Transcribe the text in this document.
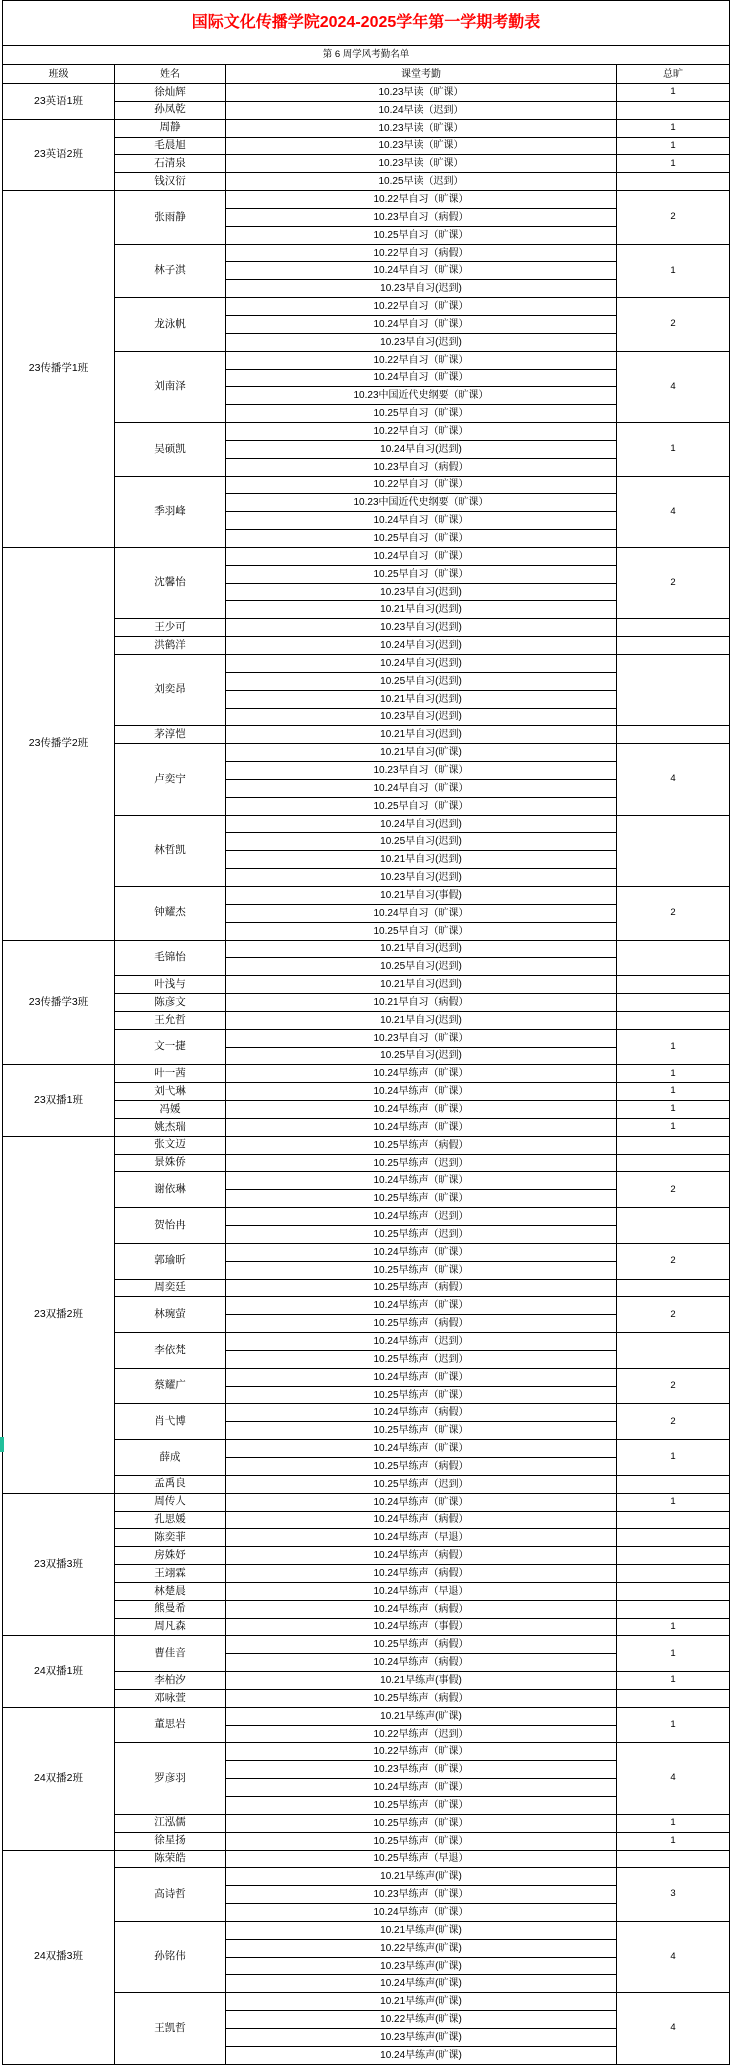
国际文化传播学院2024-2025学年第一学期考勤表			
第 6 周学风考勤名单			
班级	姓名	课堂考勤	总旷
23英语1班	徐灿辉	10.23早读（旷课）	1
	孙凤乾	10.24早读（迟到）	
23英语2班	周静	10.23早读（旷课）	1
	毛晨旭	10.23早读（旷课）	1
	石清泉	10.23早读（旷课）	1
	钱汉衍	10.25早读（迟到）	
23传播学1班	张雨静	10.22早自习（旷课）	2
		10.23早自习（病假）	
		10.25早自习（旷课）	
	林子淇	10.22早自习（病假）	1
		10.24早自习（旷课）	
		10.23早自习(迟到)	
	龙泳帆	10.22早自习（旷课）	2
		10.24早自习（旷课）	
		10.23早自习(迟到)	
	刘南泽	10.22早自习（旷课）	4
		10.24早自习（旷课）	
		10.23中国近代史纲要（旷课）	
		10.25早自习（旷课）	
	吴硕凯	10.22早自习（旷课）	1
		10.24早自习(迟到)	
		10.23早自习（病假）	
	季羽峰	10.22早自习（旷课）	4
		10.23中国近代史纲要（旷课）	
		10.24早自习（旷课）	
		10.25早自习（旷课）	
23传播学2班	沈馨怡	10.24早自习（旷课）	2
		10.25早自习（旷课）	
		10.23早自习(迟到)	
		10.21早自习(迟到)	
	王少可	10.23早自习(迟到)	
	洪鹤洋	10.24早自习(迟到)	
	刘奕昂	10.24早自习(迟到)	
		10.25早自习(迟到)	
		10.21早自习(迟到)	
		10.23早自习(迟到)	
	茅淳恺	10.21早自习(迟到)	
	卢奕宁	10.21早自习(旷课)	4
		10.23早自习（旷课）	
		10.24早自习（旷课）	
		10.25早自习（旷课）	
	林哲凯	10.24早自习(迟到)	
		10.25早自习(迟到)	
		10.21早自习(迟到)	
		10.23早自习(迟到)	
	钟耀杰	10.21早自习(事假)	2
		10.24早自习（旷课）	
		10.25早自习（旷课）	
23传播学3班	毛锦怡	10.21早自习(迟到)	
		10.25早自习(迟到)	
	叶浅与	10.21早自习(迟到)	
	陈彦文	10.21早自习（病假）	
	王允哲	10.21早自习(迟到)	
	文一捷	10.23早自习（旷课）	1
		10.25早自习(迟到)	
23双播1班	叶一茜	10.24早练声（旷课）	1
	刘弋琳	10.24早练声（旷课）	1
	冯媛	10.24早练声（旷课）	1
	姚杰瑞	10.24早练声（旷课）	1
23双播2班	张文迈	10.25早练声（病假）	
	景姝侨	10.25早练声（迟到）	
	谢依琳	10.24早练声（旷课）	2
		10.25早练声（旷课）	
	贺怡冉	10.24早练声（迟到）	
		10.25早练声（迟到）	
	郭瑜昕	10.24早练声（旷课）	2
		10.25早练声（旷课）	
	周奕廷	10.25早练声（病假）	
	林琬萤	10.24早练声（旷课）	2
		10.25早练声（病假）	
	李依梵	10.24早练声（迟到）	
		10.25早练声（迟到）	
	蔡耀广	10.24早练声（旷课）	2
		10.25早练声（旷课）	
	肖弋博	10.24早练声（病假）	2
		10.25早练声（旷课）	
	薛成	10.24早练声（旷课）	1
		10.25早练声（病假）	
	孟禹良	10.25早练声（迟到）	
23双播3班	周传人	10.24早练声（旷课）	1
	孔思媛	10.24早练声（病假）	
	陈奕菲	10.24早练声（早退）	
	房姝妤	10.24早练声（病假）	
	王翊霖	10.24早练声（病假）	
	林楚晨	10.24早练声（早退）	
	熊曼希	10.24早练声（病假）	
	周凡森	10.24早练声（事假）	1
24双播1班	曹佳音	10.25早练声（病假）	1
		10.24早练声（病假）	
	李柏汐	10.21早练声(事假)	1
	邓咏萱	10.25早练声（病假）	
24双播2班	董思岩	10.21早练声(旷课)	1
		10.22早练声（迟到）	
	罗彦羽	10.22早练声（旷课）	4
		10.23早练声（旷课）	
		10.24早练声（旷课）	
		10.25早练声（旷课）	
	江泓儒	10.25早练声（旷课）	1
	徐星扬	10.25早练声（旷课）	1
24双播3班	陈荣皓	10.25早练声（早退）	
	高诗哲	10.21早练声(旷课)	3
		10.23早练声（旷课）	
		10.24早练声（旷课）	
	孙铭伟	10.21早练声(旷课)	4
		10.22早练声(旷课)	
		10.23早练声(旷课)	
		10.24早练声(旷课)	
	王凯哲	10.21早练声(旷课)	4
		10.22早练声(旷课)	
		10.23早练声(旷课)	
		10.24早练声(旷课)	
